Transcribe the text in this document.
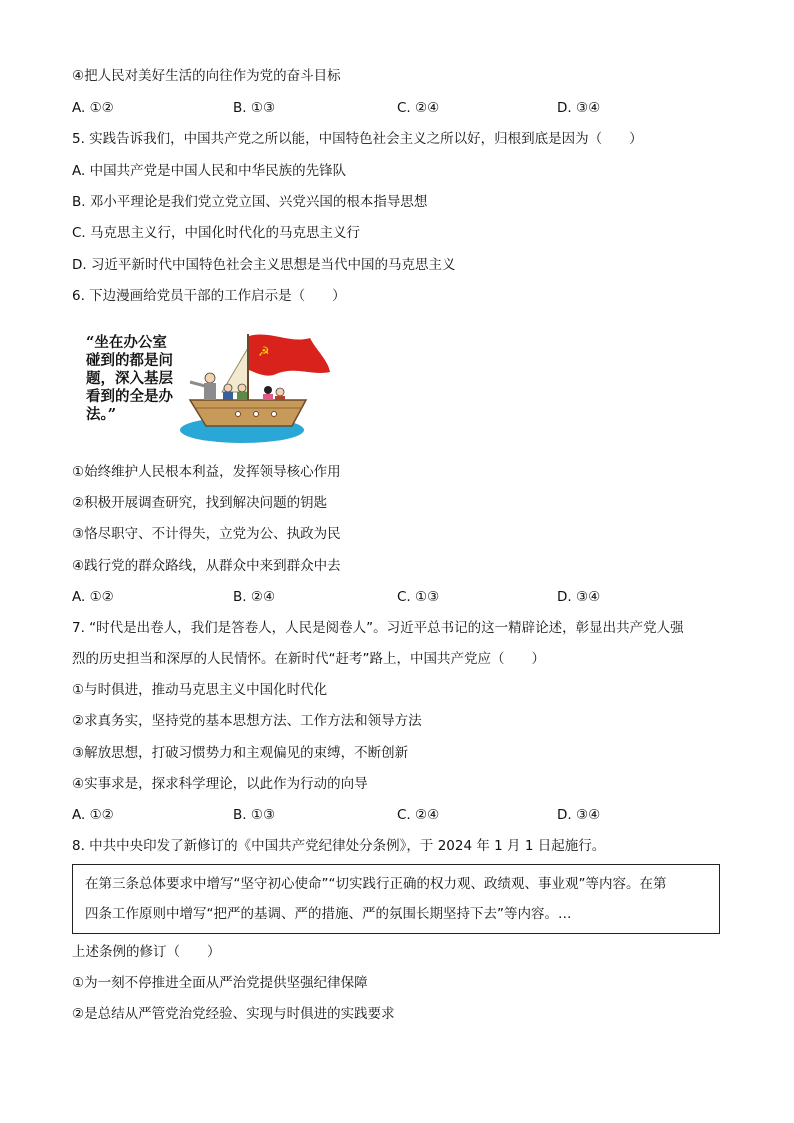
④把人民对美好生活的向往作为党的奋斗目标
A. ①②	B. ①③	C. ②④	D. ③④
5. 实践告诉我们，中国共产党之所以能，中国特色社会主义之所以好，归根到底是因为（　　）
A. 中国共产党是中国人民和中华民族的先锋队
B. 邓小平理论是我们党立党立国、兴党兴国的根本指导思想
C. 马克思主义行，中国化时代化的马克思主义行
D. 习近平新时代中国特色社会主义思想是当代中国的马克思主义
6. 下边漫画给党员干部的工作启示是（　　）
“坐在办公室
碰到的都是问
题，深入基层
看到的全是办
法。”
☭
①始终维护人民根本利益，发挥领导核心作用
②积极开展调查研究，找到解决问题的钥匙
③恪尽职守、不计得失，立党为公、执政为民
④践行党的群众路线，从群众中来到群众中去
A. ①②	B. ②④	C. ①③	D. ③④
7. “时代是出卷人，我们是答卷人，人民是阅卷人”。习近平总书记的这一精辟论述，彰显出共产党人强
烈的历史担当和深厚的人民情怀。在新时代“赶考”路上，中国共产党应（　　）
①与时俱进，推动马克思主义中国化时代化
②求真务实，坚持党的基本思想方法、工作方法和领导方法
③解放思想，打破习惯势力和主观偏见的束缚，不断创新
④实事求是，探求科学理论，以此作为行动的向导
A. ①②	B. ①③	C. ②④	D. ③④
8. 中共中央印发了新修订的《中国共产党纪律处分条例》，于 2024 年 1 月 1 日起施行。
在第三条总体要求中增写“坚守初心使命”“切实践行正确的权力观、政绩观、事业观”等内容。在第
四条工作原则中增写“把严的基调、严的措施、严的氛围长期坚持下去”等内容。…
上述条例的修订（　　）
①为一刻不停推进全面从严治党提供坚强纪律保障
②是总结从严管党治党经验、实现与时俱进的实践要求
